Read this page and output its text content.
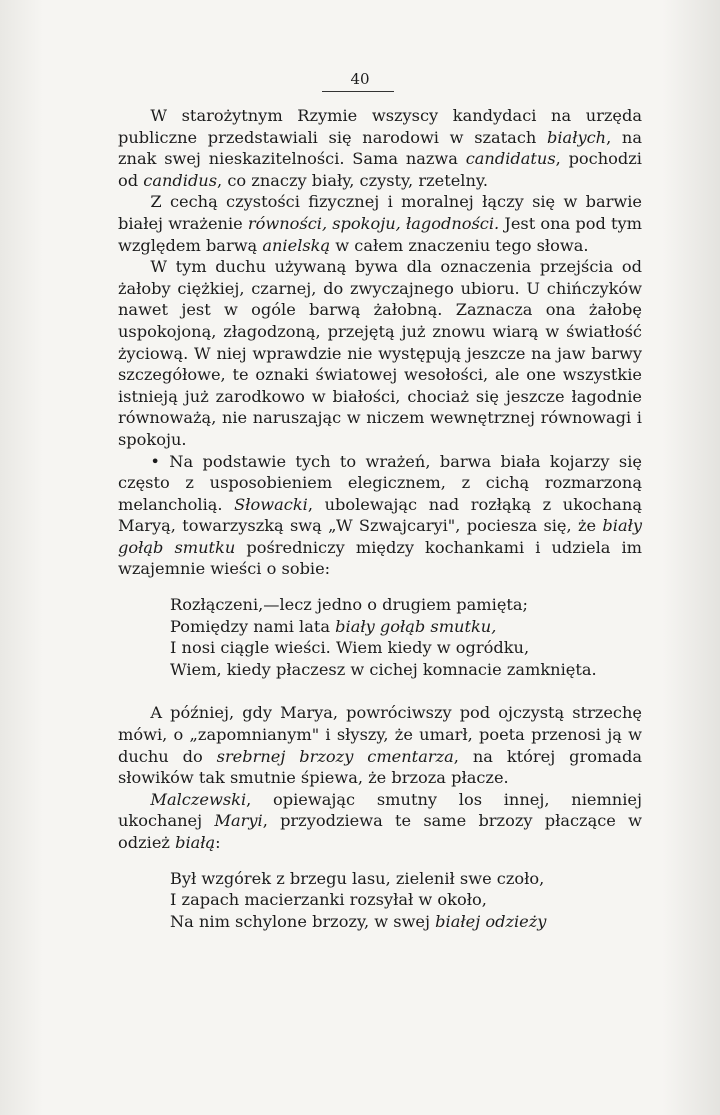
40

W starożytnym Rzymie wszyscy kandydaci na urzęda publiczne przedstawiali się narodowi w szatach białych, na znak swej nieskazitelności. Sama nazwa candidatus, pochodzi od candidus, co znaczy biały, czysty, rzetelny.

Z cechą czystości fizycznej i moralnej łączy się w barwie białej wrażenie równości, spokoju, łagodności. Jest ona pod tym względem barwą anielską w całem znaczeniu tego słowa.

W tym duchu używaną bywa dla oznaczenia przejścia od żałoby ciężkiej, czarnej, do zwyczajnego ubioru. U chińczyków nawet jest w ogóle barwą żałobną. Zaznacza ona żałobę uspokojoną, złagodzoną, przejętą już znowu wiarą w światłość życiową. W niej wprawdzie nie występują jeszcze na jaw barwy szczegółowe, te oznaki światowej wesołości, ale one wszystkie istnieją już zarodkowo w białości, chociaż się jeszcze łagodnie równoważą, nie naruszając w niczem wewnętrznej równowagi i spokoju.

• Na podstawie tych to wrażeń, barwa biała kojarzy się często z usposobieniem elegicznem, z cichą rozmarzoną melancholią. Słowacki, ubolewając nad rozłąką z ukochaną Maryą, towarzyszką swą „W Szwajcaryi", pociesza się, że biały gołąb smutku pośredniczy między kochankami i udziela im wzajemnie wieści o sobie:

Rozłączeni,—lecz jedno o drugiem pamięta;
Pomiędzy nami lata biały gołąb smutku,
I nosi ciągle wieści. Wiem kiedy w ogródku,
Wiem, kiedy płaczesz w cichej komnacie zamknięta.

A później, gdy Marya, powróciwszy pod ojczystą strzechę mówi, o „zapomnianym" i słyszy, że umarł, poeta przenosi ją w duchu do srebrnej brzozy cmentarza, na której gromada słowików tak smutnie śpiewa, że brzoza płacze.

Malczewski, opiewając smutny los innej, niemniej ukochanej Maryi, przyodziewa te same brzozy płaczące w odzież białą:

Był wzgórek z brzegu lasu, zielenił swe czoło,
I zapach macierzanki rozsyłał w około,
Na nim schylone brzozy, w swej białej odzieży
